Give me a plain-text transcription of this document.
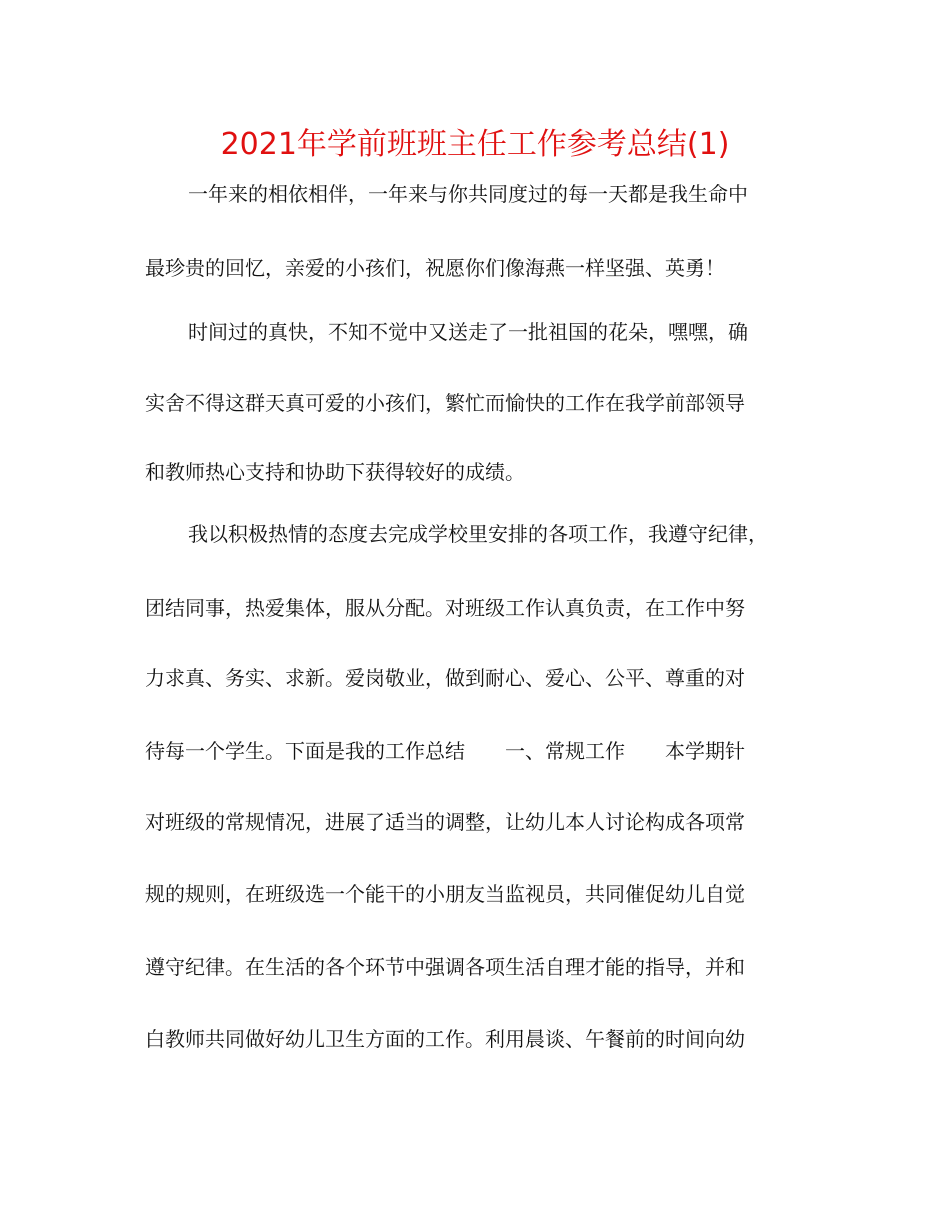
2021年学前班班主任工作参考总结(1)
一年来的相依相伴，一年来与你共同度过的每一天都是我生命中
最珍贵的回忆，亲爱的小孩们，祝愿你们像海燕一样坚强、英勇！
时间过的真快，不知不觉中又送走了一批祖国的花朵，嘿嘿，确
实舍不得这群天真可爱的小孩们，繁忙而愉快的工作在我学前部领导
和教师热心支持和协助下获得较好的成绩。
我以积极热情的态度去完成学校里安排的各项工作，我遵守纪律，
团结同事，热爱集体，服从分配。对班级工作认真负责，在工作中努
力求真、务实、求新。爱岗敬业，做到耐心、爱心、公平、尊重的对
待每一个学生。下面是我的工作总结　　一、常规工作　　本学期针
对班级的常规情况，进展了适当的调整，让幼儿本人讨论构成各项常
规的规则，在班级选一个能干的小朋友当监视员，共同催促幼儿自觉
遵守纪律。在生活的各个环节中强调各项生活自理才能的指导，并和
白教师共同做好幼儿卫生方面的工作。利用晨谈、午餐前的时间向幼
